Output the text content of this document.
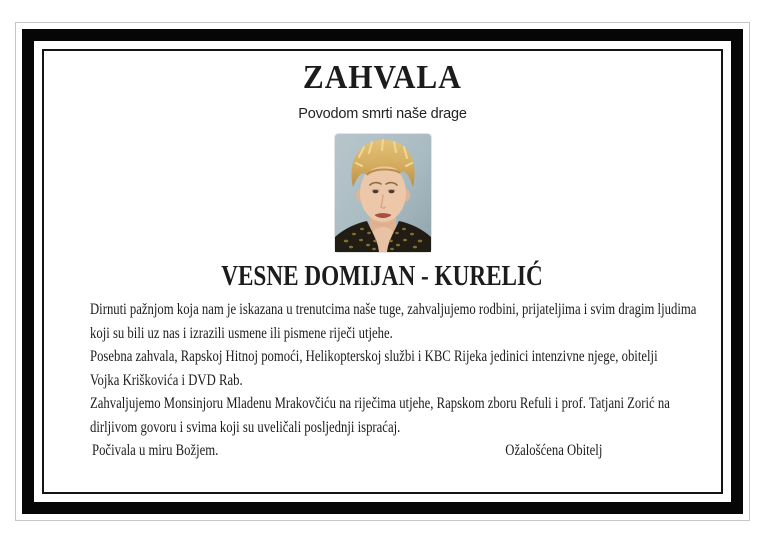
ZAHVALA
Povodom smrti naše drage
VESNE DOMIJAN - KURELIĆ
Dirnuti pažnjom koja nam je iskazana u trenutcima naše tuge, zahvaljujemo rodbini, prijateljima i svim dragim ljudima
koji su bili uz nas i izrazili usmene ili pismene riječi utjehe.
Posebna zahvala, Rapskoj Hitnoj pomoći, Helikopterskoj službi i KBC Rijeka jedinici intenzivne njege, obitelji
Vojka Kriškovića i DVD Rab.
Zahvaljujemo Monsinjoru Mladenu Mrakovčiću na riječima utjehe, Rapskom zboru Refuli i prof. Tatjani Zorić na
dirljivom govoru i svima koji su uveličali posljednji ispraćaj.
Počivala u miru Božjem.	Ožalošćena Obitelj
